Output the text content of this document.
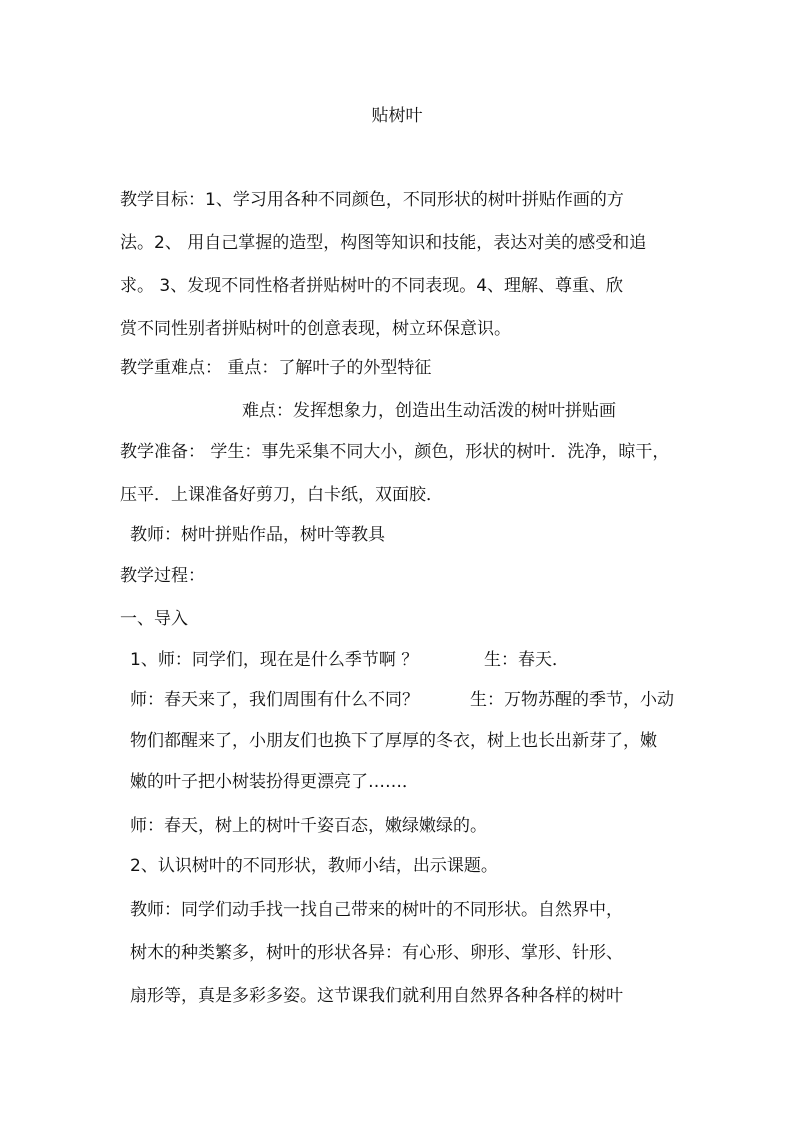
贴树叶
教学目标：1、学习用各种不同颜色，不同形状的树叶拼贴作画的方
法。2、 用自己掌握的造型，构图等知识和技能，表达对美的感受和追
求。 3、发现不同性格者拼贴树叶的不同表现。4、理解、尊重、欣
赏不同性别者拼贴树叶的创意表现，树立环保意识。
教学重难点： 重点：了解叶子的外型特征
难点：发挥想象力，创造出生动活泼的树叶拼贴画
教学准备： 学生：事先采集不同大小，颜色，形状的树叶．洗净，晾干，
压平．上课准备好剪刀，白卡纸，双面胶．
教师：树叶拼贴作品，树叶等教具
教学过程：
一、导入
1、师：同学们，现在是什么季节啊 ？	生：春天．
师：春天来了，我们周围有什么不同？	生：万物苏醒的季节，小动
物们都醒来了，小朋友们也换下了厚厚的冬衣，树上也长出新芽了，嫩
嫩的叶子把小树装扮得更漂亮了……．
师：春天，树上的树叶千姿百态，嫩绿嫩绿的。
2、认识树叶的不同形状，教师小结，出示课题。
教师：同学们动手找一找自己带来的树叶的不同形状。自然界中，
树木的种类繁多，树叶的形状各异：有心形、卵形、掌形、针形、
扇形等，真是多彩多姿。这节课我们就利用自然界各种各样的树叶
